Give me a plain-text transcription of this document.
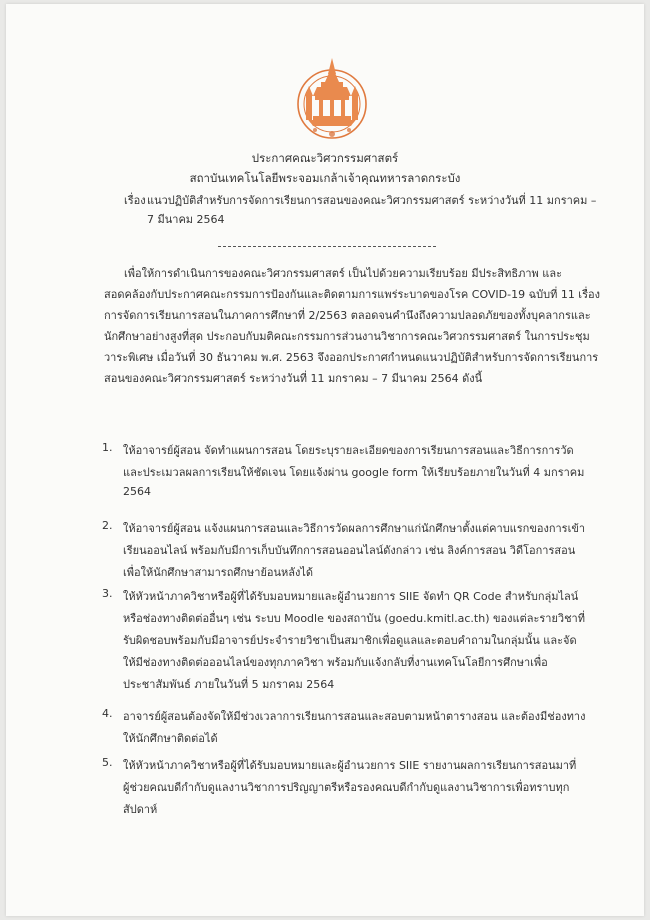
ประกาศคณะวิศวกรรมศาสตร์
สถาบันเทคโนโลยีพระจอมเกล้าเจ้าคุณทหารลาดกระบัง
เรื่อง แนวปฏิบัติสำหรับการจัดการเรียนการสอนของคณะวิศวกรรมศาสตร์ ระหว่างวันที่ 11 มกราคม –
7 มีนาคม 2564
เพื่อให้การดำเนินการของคณะวิศวกรรมศาสตร์ เป็นไปด้วยความเรียบร้อย มีประสิทธิภาพ และ
สอดคล้องกับประกาศคณะกรรมการป้องกันและติดตามการแพร่ระบาดของโรค COVID-19 ฉบับที่ 11 เรื่อง
การจัดการเรียนการสอนในภาคการศึกษาที่ 2/2563 ตลอดจนคำนึงถึงความปลอดภัยของทั้งบุคลากรและ
นักศึกษาอย่างสูงที่สุด ประกอบกับมติคณะกรรมการส่วนงานวิชาการคณะวิศวกรรมศาสตร์ ในการประชุม
วาระพิเศษ เมื่อวันที่ 30 ธันวาคม พ.ศ. 2563 จึงออกประกาศกำหนดแนวปฏิบัติสำหรับการจัดการเรียนการ
สอนของคณะวิศวกรรมศาสตร์ ระหว่างวันที่ 11 มกราคม – 7 มีนาคม 2564 ดังนี้
1. ให้อาจารย์ผู้สอน จัดทำแผนการสอน โดยระบุรายละเอียดของการเรียนการสอนและวิธีการการวัด
และประเมวลผลการเรียนให้ชัดเจน โดยแจ้งผ่าน google form ให้เรียบร้อยภายในวันที่ 4 มกราคม
2564
2. ให้อาจารย์ผู้สอน แจ้งแผนการสอนและวิธีการวัดผลการศึกษาแก่นักศึกษาตั้งแต่คาบแรกของการเข้า
เรียนออนไลน์ พร้อมกับมีการเก็บบันทึกการสอนออนไลน์ดังกล่าว เช่น ลิงค์การสอน วิดีโอการสอน
เพื่อให้นักศึกษาสามารถศึกษาย้อนหลังได้
3. ให้หัวหน้าภาควิชาหรือผู้ที่ได้รับมอบหมายและผู้อำนวยการ SIIE จัดทำ QR Code สำหรับกลุ่มไลน์
หรือช่องทางติดต่ออื่นๆ เช่น ระบบ Moodle ของสถาบัน (goedu.kmitl.ac.th) ของแต่ละรายวิชาที่
รับผิดชอบพร้อมกับมีอาจารย์ประจำรายวิชาเป็นสมาชิกเพื่อดูแลและตอบคำถามในกลุ่มนั้น และจัด
ให้มีช่องทางติดต่อออนไลน์ของทุกภาควิชา พร้อมกับแจ้งกลับที่งานเทคโนโลยีการศึกษาเพื่อ
ประชาสัมพันธ์ ภายในวันที่ 5 มกราคม 2564
4. อาจารย์ผู้สอนต้องจัดให้มีช่วงเวลาการเรียนการสอนและสอบตามหน้าตารางสอน และต้องมีช่องทาง
ให้นักศึกษาติดต่อได้
5. ให้หัวหน้าภาควิชาหรือผู้ที่ได้รับมอบหมายและผู้อำนวยการ SIIE รายงานผลการเรียนการสอนมาที่
ผู้ช่วยคณบดีกำกับดูแลงานวิชาการปริญญาตรีหรือรองคณบดีกำกับดูแลงานวิชาการเพื่อทราบทุก
สัปดาห์
